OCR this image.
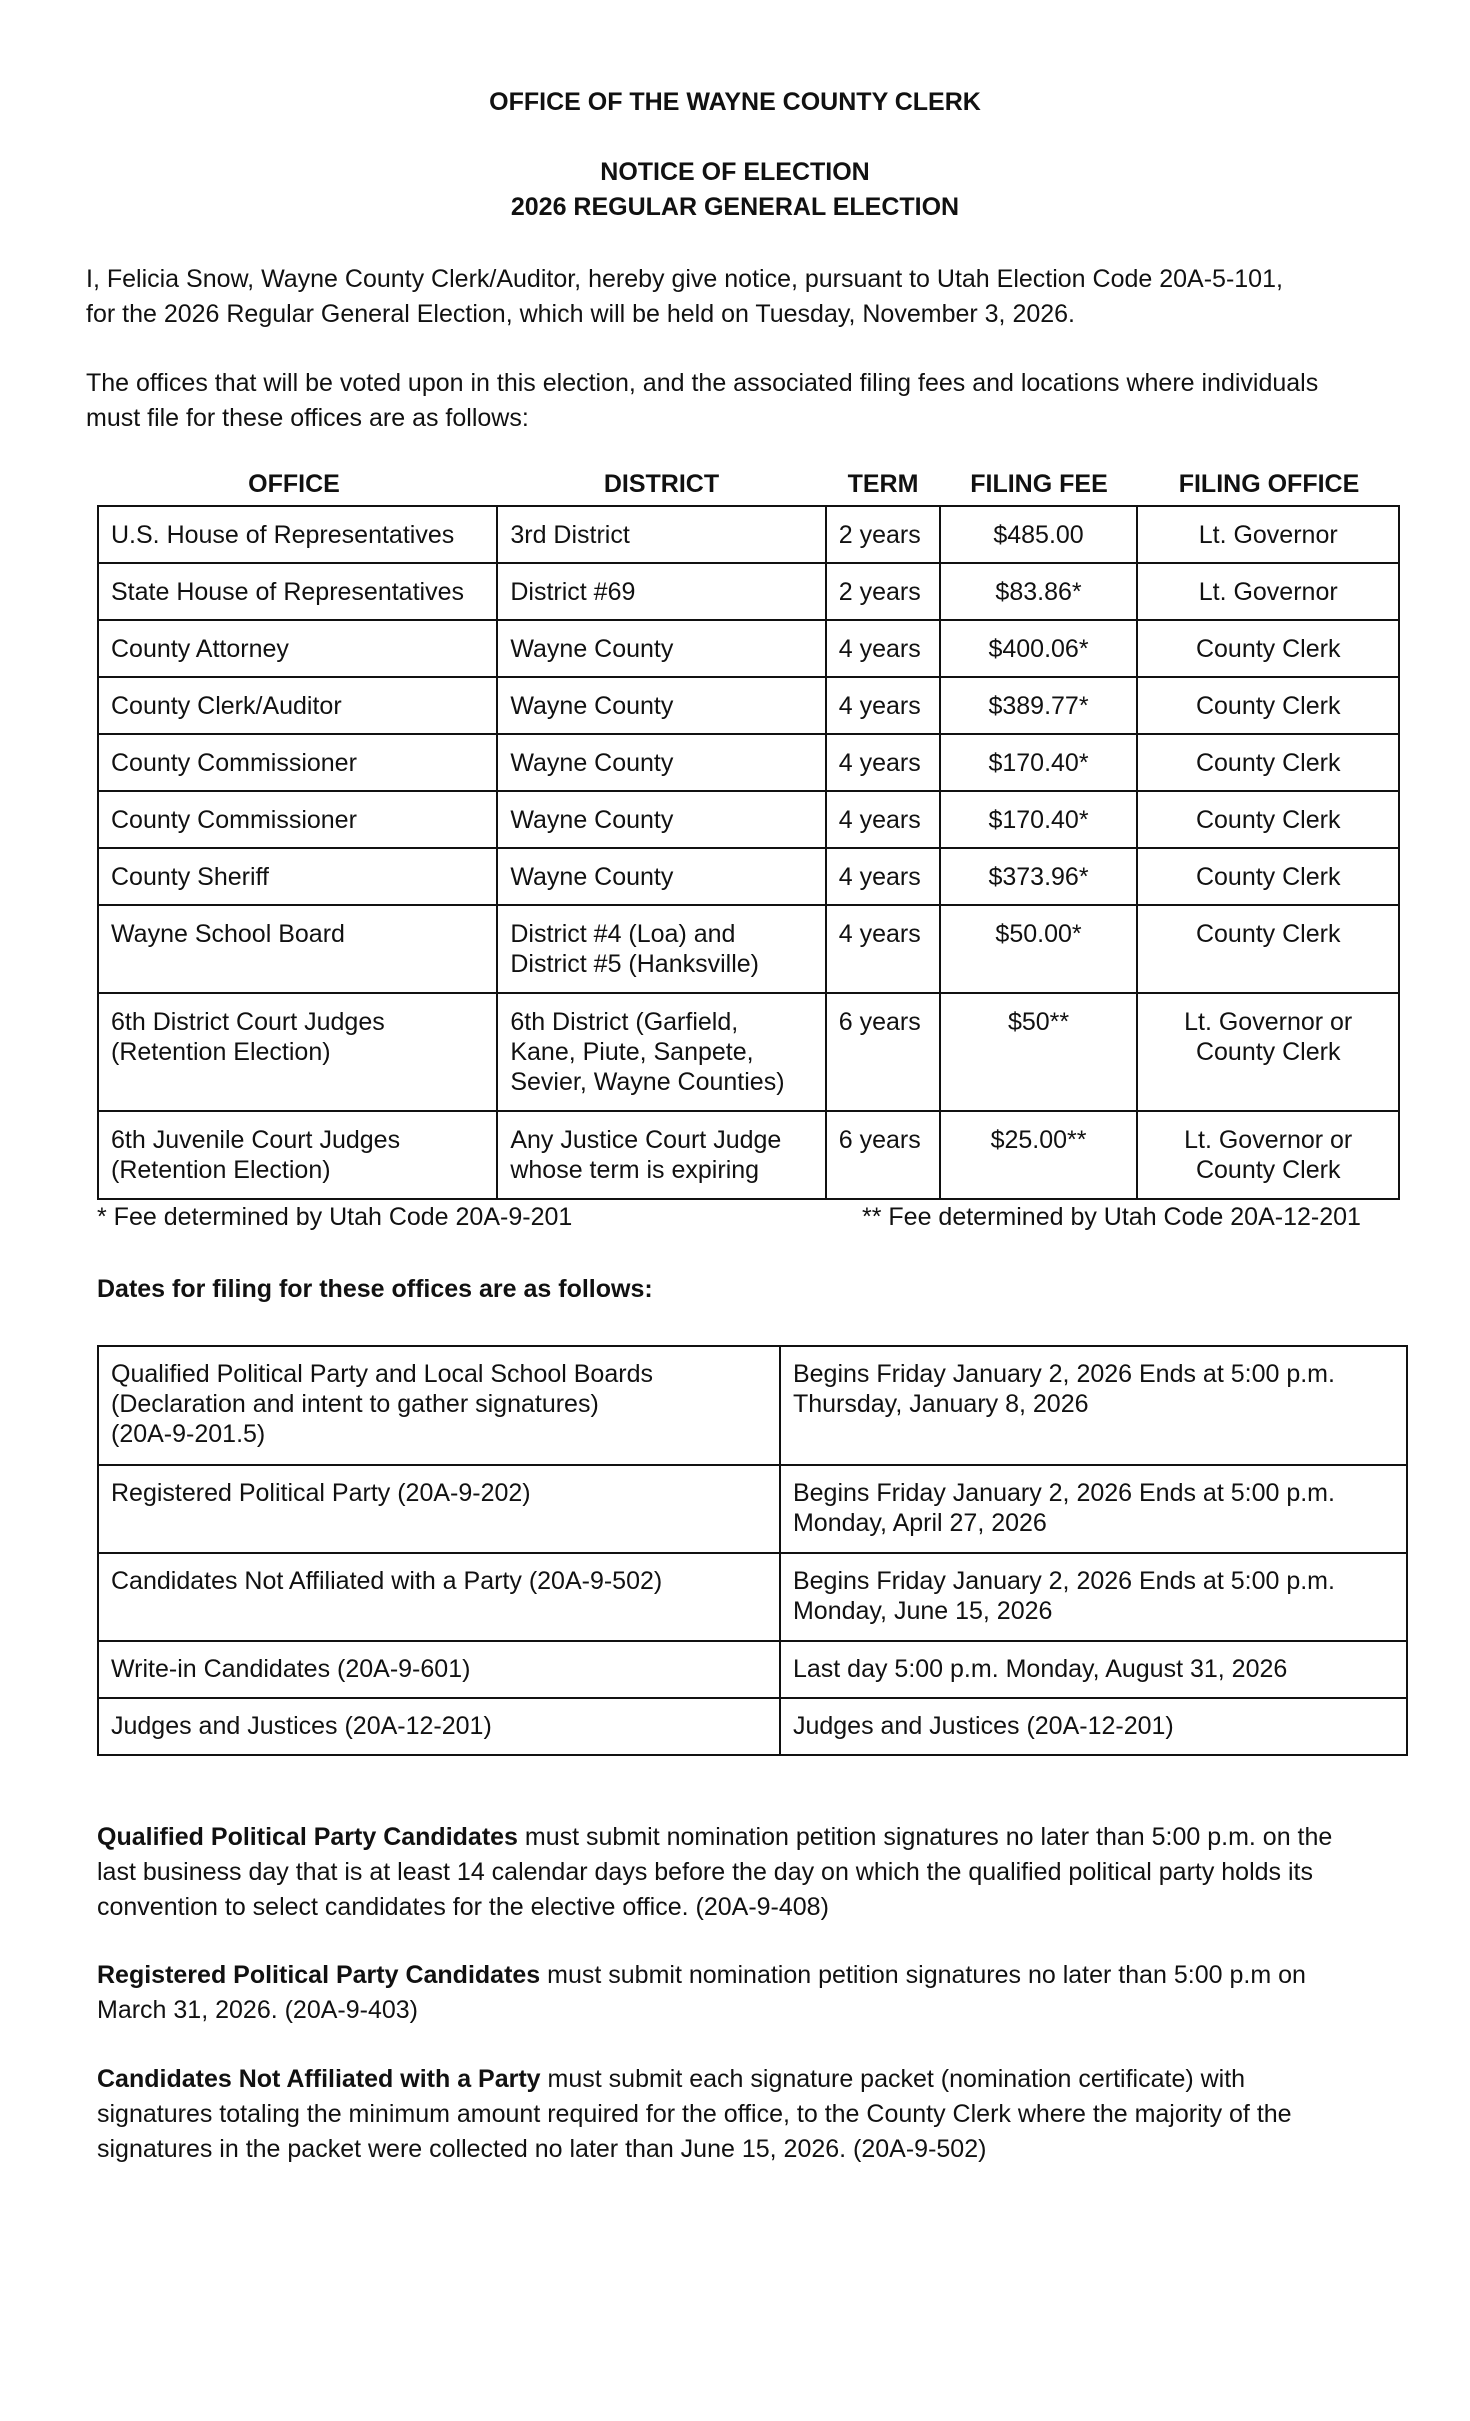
OFFICE OF THE WAYNE COUNTY CLERK
NOTICE OF ELECTION
2026 REGULAR GENERAL ELECTION

I, Felicia Snow, Wayne County Clerk/Auditor, hereby give notice, pursuant to Utah Election Code 20A-5-101,
for the 2026 Regular General Election, which will be held on Tuesday, November 3, 2026.

The offices that will be voted upon in this election, and the associated filing fees and locations where individuals
must file for these offices are as follows:

OFFICE	DISTRICT	TERM	FILING FEE	FILING OFFICE
U.S. House of Representatives	3rd District	2 years	$485.00	Lt. Governor
State House of Representatives	District #69	2 years	$83.86*	Lt. Governor
County Attorney	Wayne County	4 years	$400.06*	County Clerk
County Clerk/Auditor	Wayne County	4 years	$389.77*	County Clerk
County Commissioner	Wayne County	4 years	$170.40*	County Clerk
County Commissioner	Wayne County	4 years	$170.40*	County Clerk
County Sheriff	Wayne County	4 years	$373.96*	County Clerk
Wayne School Board	District #4 (Loa) and
District #5 (Hanksville)	4 years	$50.00*	County Clerk
6th District Court Judges
(Retention Election)	6th District (Garfield,
Kane, Piute, Sanpete,
Sevier, Wayne Counties)	6 years	$50**	Lt. Governor or
County Clerk
6th Juvenile Court Judges
(Retention Election)	Any Justice Court Judge
whose term is expiring	6 years	$25.00**	Lt. Governor or
County Clerk
* Fee determined by Utah Code 20A-9-201	** Fee determined by Utah Code 20A-12-201
Dates for filing for these offices are as follows:
Qualified Political Party and Local School Boards
(Declaration and intent to gather signatures)
(20A-9-201.5)	Begins Friday January 2, 2026 Ends at 5:00 p.m.
Thursday, January 8, 2026
Registered Political Party (20A-9-202)	Begins Friday January 2, 2026 Ends at 5:00 p.m.
Monday, April 27, 2026
Candidates Not Affiliated with a Party (20A-9-502)	Begins Friday January 2, 2026 Ends at 5:00 p.m.
Monday, June 15, 2026
Write-in Candidates (20A-9-601)	Last day 5:00 p.m. Monday, August 31, 2026
Judges and Justices (20A-12-201)	Judges and Justices (20A-12-201)

Qualified Political Party Candidates must submit nomination petition signatures no later than 5:00 p.m. on the
last business day that is at least 14 calendar days before the day on which the qualified political party holds its
convention to select candidates for the elective office. (20A-9-408)

Registered Political Party Candidates must submit nomination petition signatures no later than 5:00 p.m on
March 31, 2026. (20A-9-403)

Candidates Not Affiliated with a Party must submit each signature packet (nomination certificate) with
signatures totaling the minimum amount required for the office, to the County Clerk where the majority of the
signatures in the packet were collected no later than June 15, 2026. (20A-9-502)
